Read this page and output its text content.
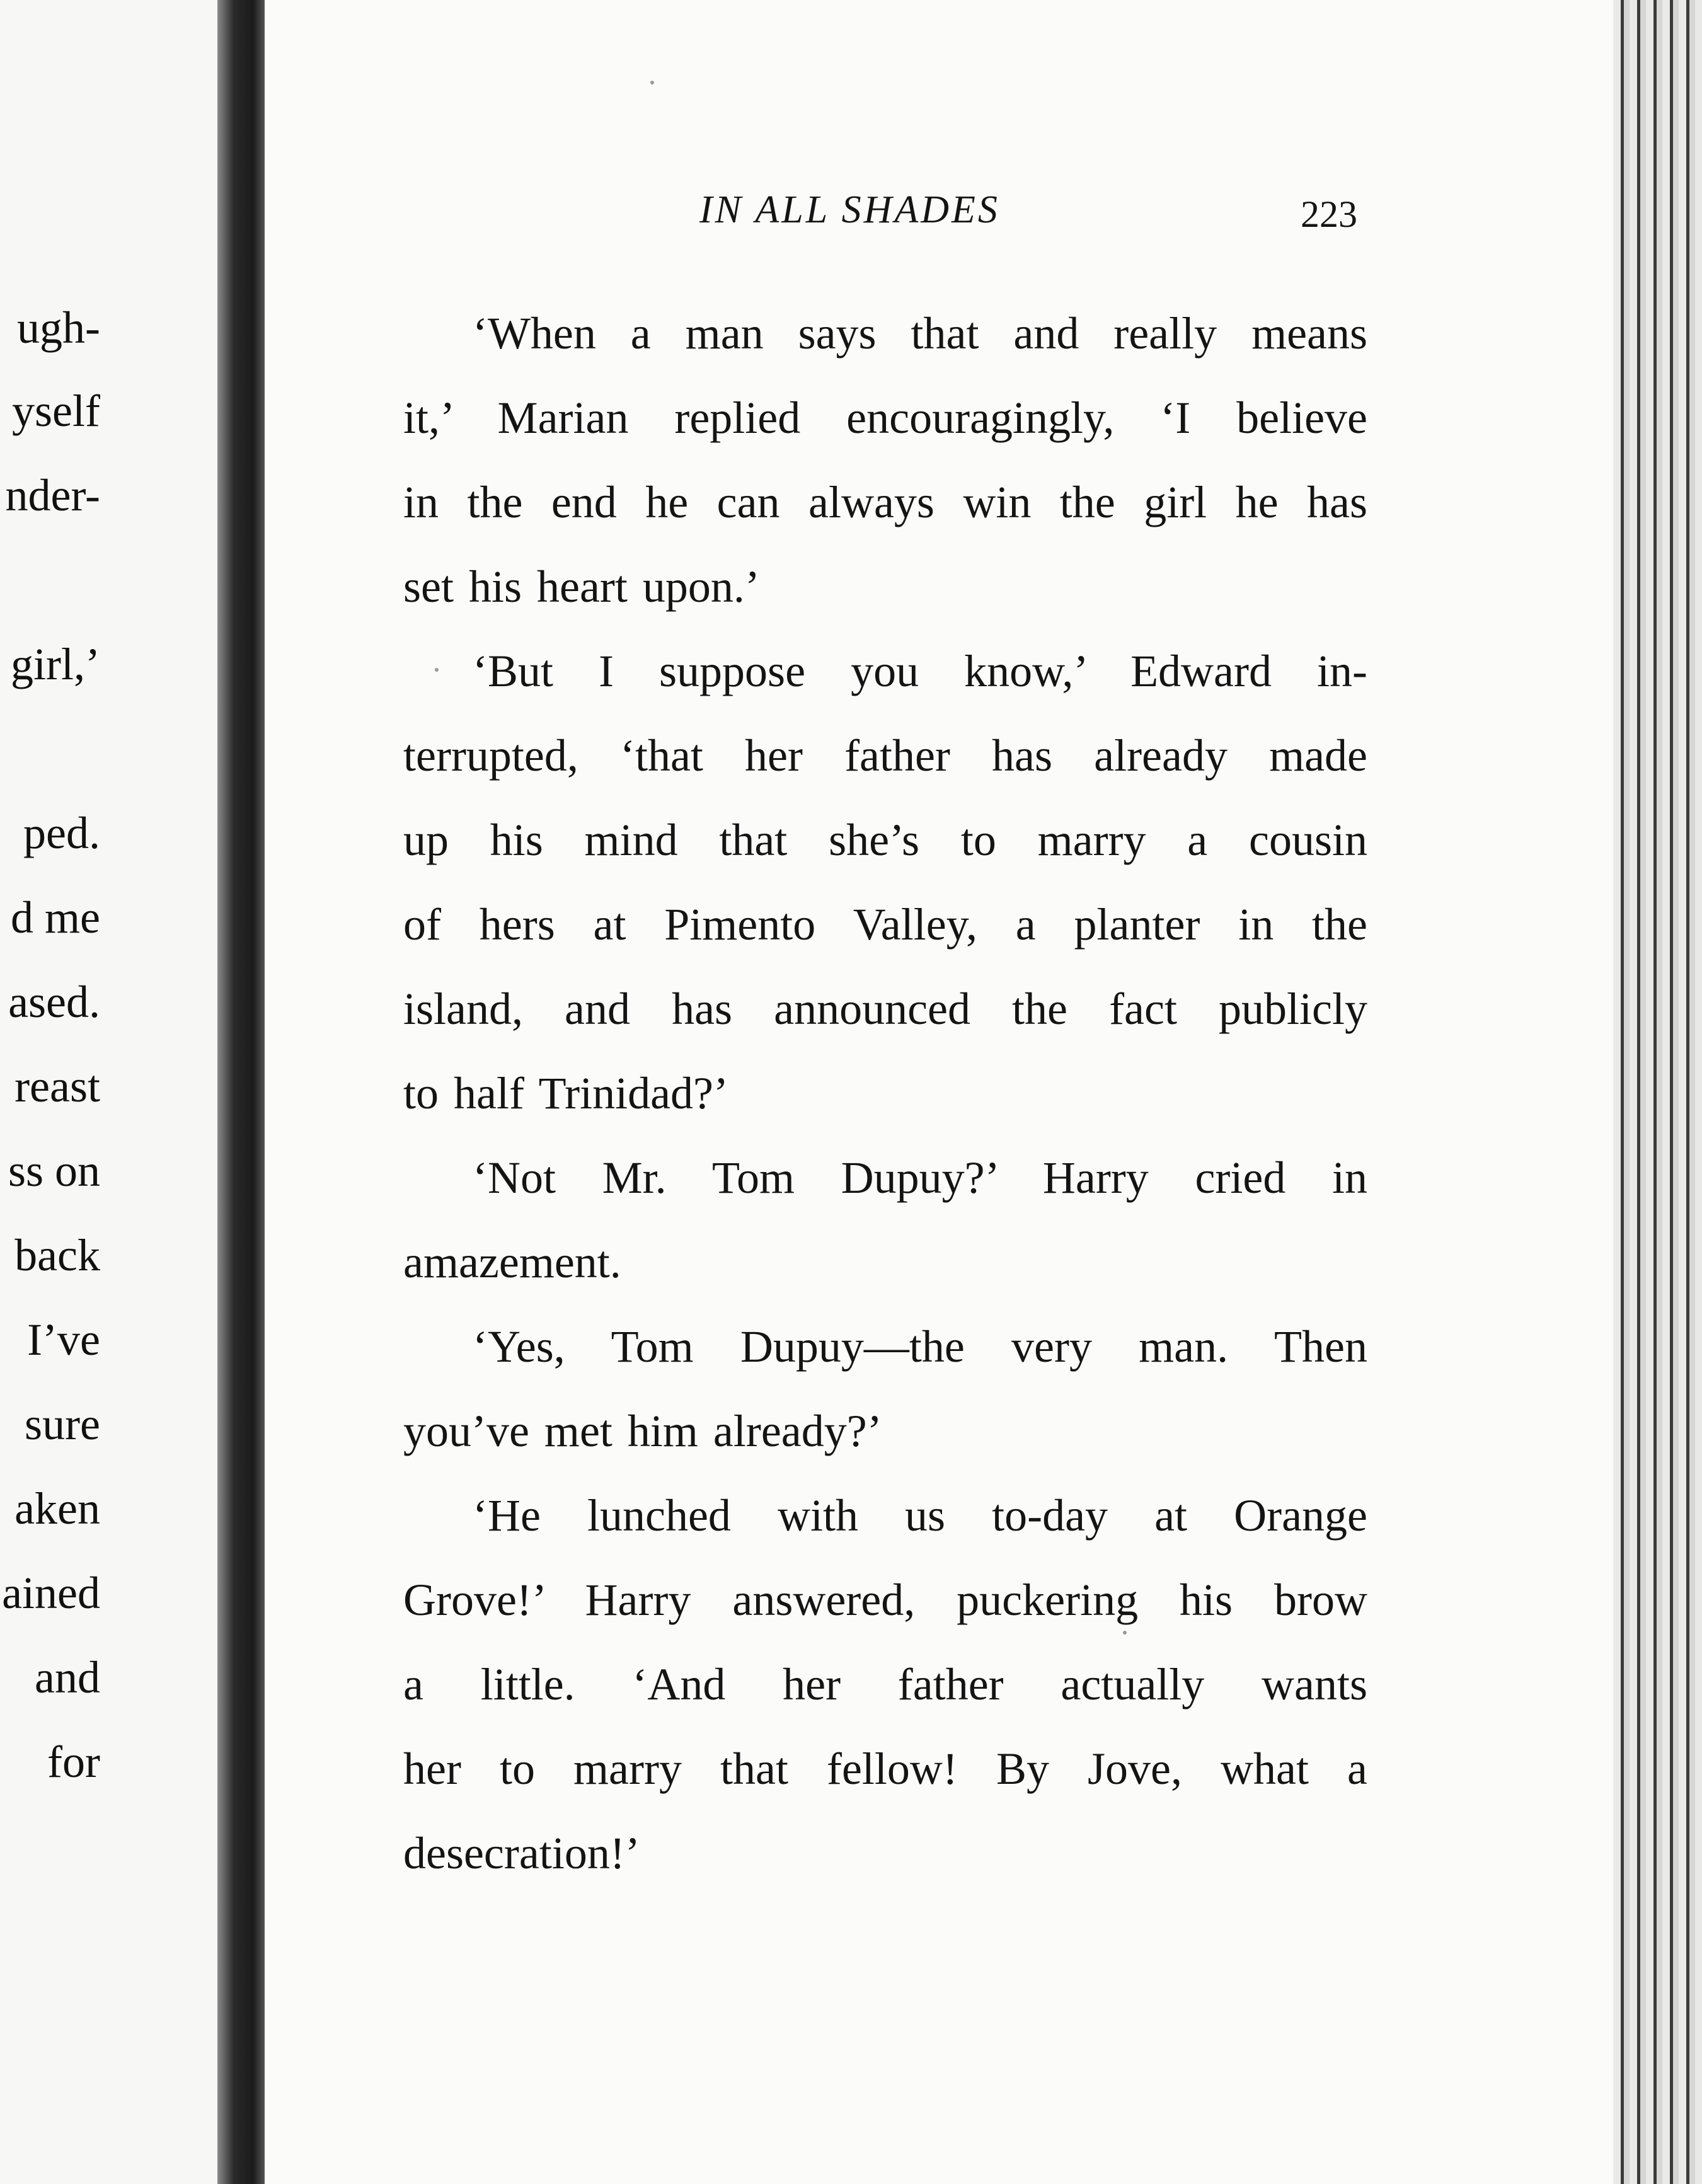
ugh-
yself
nder-
girl,’
ped.
d me
ased.
reast
ss on
back
I’ve
sure
aken
ained
and
for
IN ALL SHADES	223
‘When a man says that and really means
it,’ Marian replied encouragingly, ‘I believe
in the end he can always win the girl he has
set his heart upon.’
‘But I suppose you know,’ Edward in-
terrupted, ‘that her father has already made
up his mind that she’s to marry a cousin
of hers at Pimento Valley, a planter in the
island, and has announced the fact publicly
to half Trinidad?’
‘Not Mr. Tom Dupuy?’ Harry cried in
amazement.
‘Yes, Tom Dupuy—the very man. Then
you’ve met him already?’
‘He lunched with us to-day at Orange
Grove!’ Harry answered, puckering his brow
a little. ‘And her father actually wants
her to marry that fellow! By Jove, what a
desecration!’
